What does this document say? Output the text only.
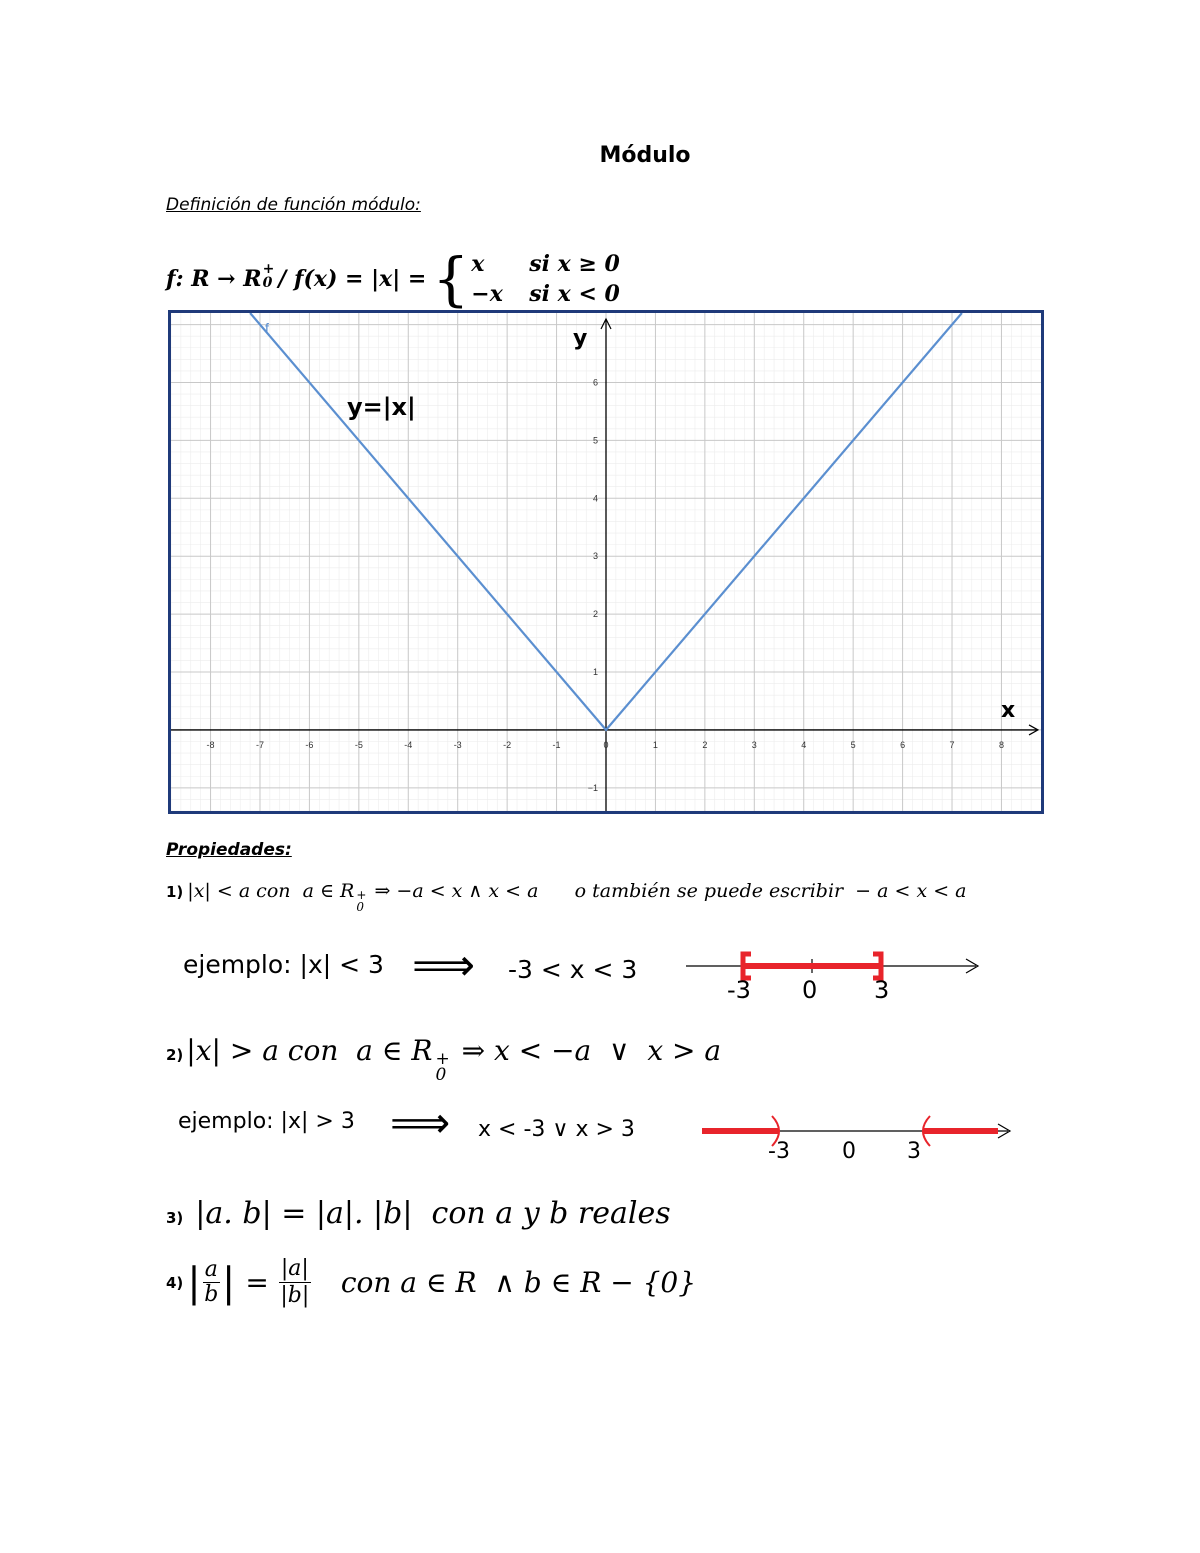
Módulo
Definición de función módulo:
f: R → R +
0 / f(x) = |x| = { x	si x ≥ 0
−x	si x < 0
-8	-7	-6	-5	-4	-3	-2	-1	0	1	2	3	4	5	6	7	8
−1
1
2
3
4
5
6
f
y=|x|
x
y
Propiedades:
1) |x| < a con  a ∈ R +
0
⇒ −a < x ∧ x < a      o también se puede escribir  − a < x < a
ejemplo: |x| < 3 ⟹ -3 < x < 3
-3 0 3
2) |x| > a con  a ∈ R +
0
⇒ x < −a  ∨  x > a
ejemplo: |x| > 3 ⟹ x < -3 ∨ x > 3
-3 0 3
3) |a. b| = |a|. |b|  con a y b reales
4) | $\frac{a}{b}$ | = $\frac{|a|}{|b|}$ con a ∈ R  ∧ b ∈ R − {0}
